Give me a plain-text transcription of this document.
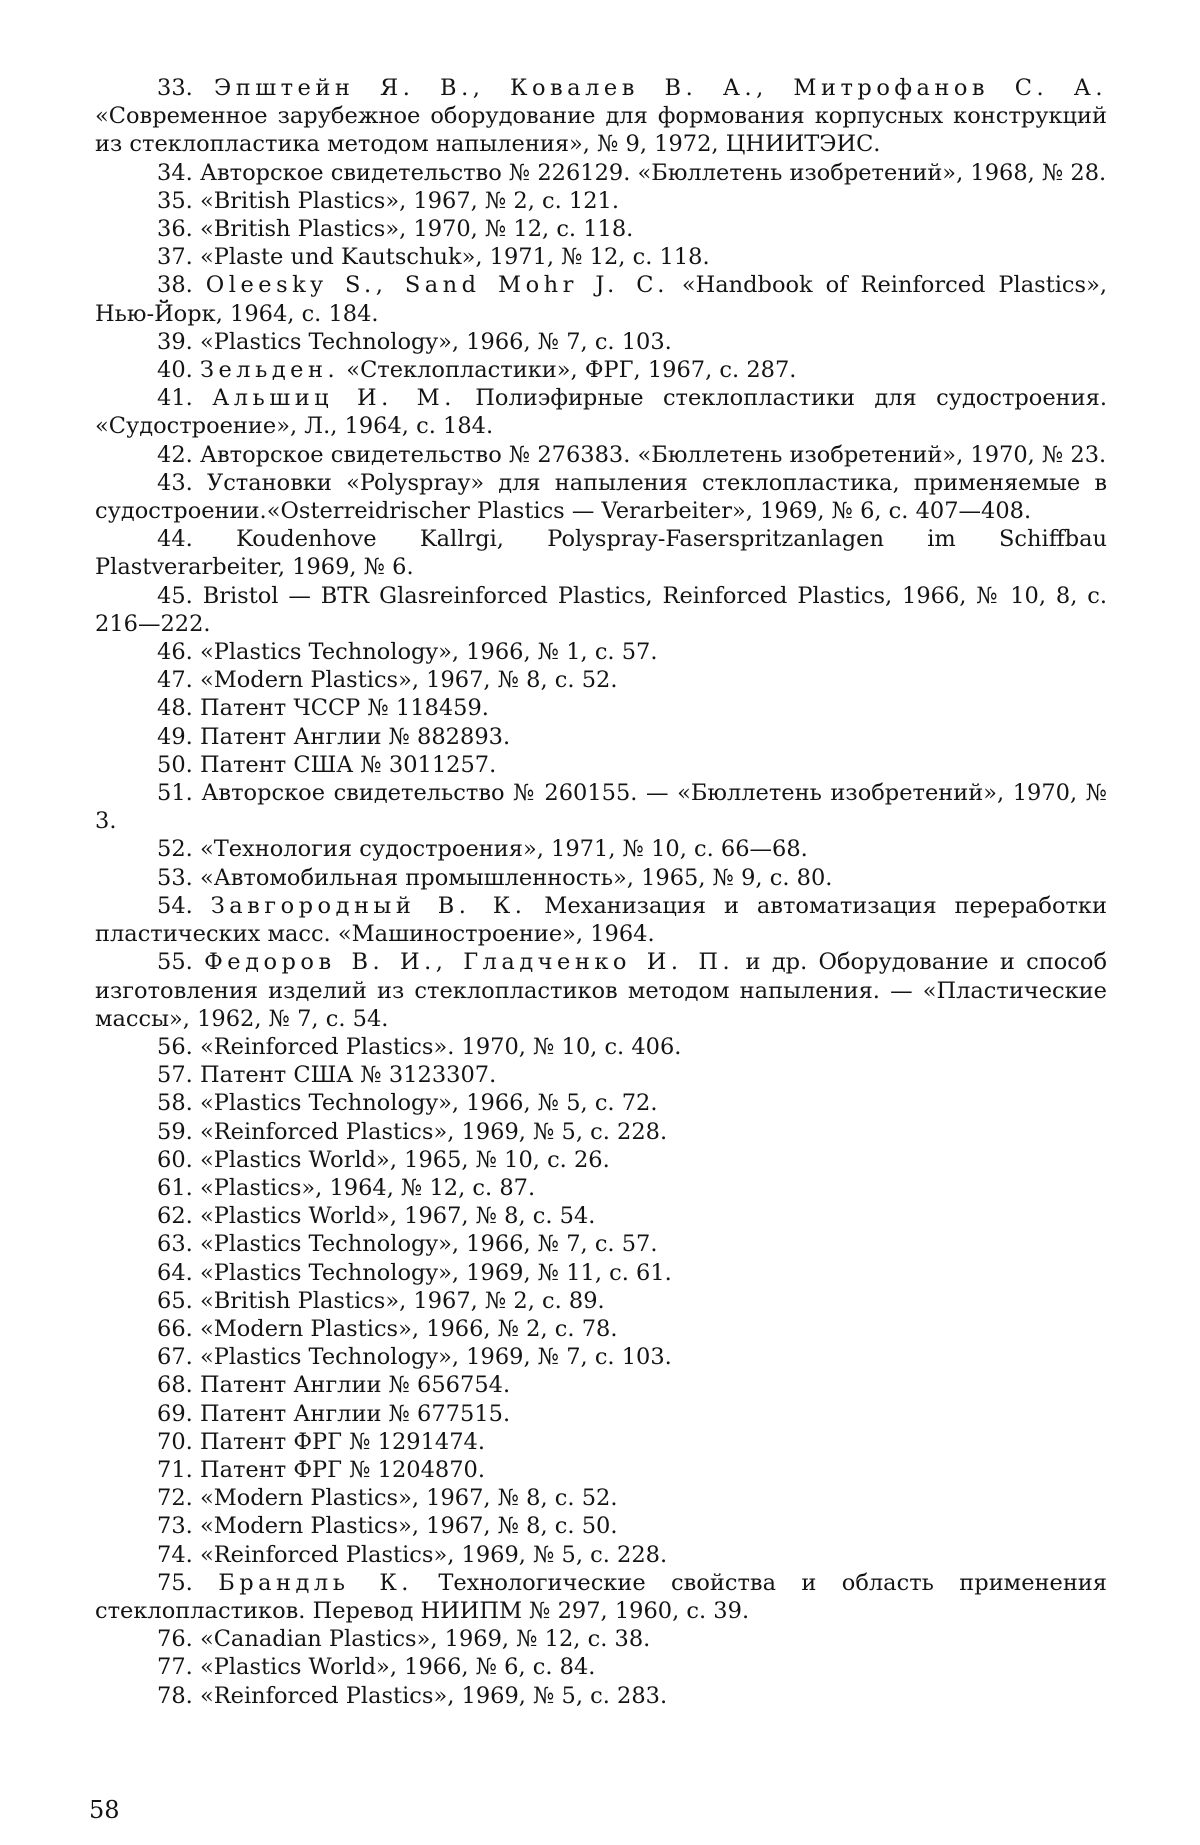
33. Эпштейн Я. В., Ковалев В. А., Митрофанов С. А. «Современное зарубежное оборудование для формования корпусных конструкций из стеклопластика методом напыления», № 9, 1972, ЦНИИТЭИС.

34. Авторское свидетельство № 226129. «Бюллетень изобретений», 1968, № 28.

35. «British Plastics», 1967, № 2, с. 121.

36. «British Plastics», 1970, № 12, с. 118.

37. «Plaste und Kautschuk», 1971, № 12, с. 118.

38. Oleesky S., Sand Mohr J. C. «Handbook of Reinforced Plastics», Нью-Йорк, 1964, с. 184.

39. «Plastics Technology», 1966, № 7, с. 103.

40. Зельден. «Стеклопластики», ФРГ, 1967, с. 287.

41. Альшиц И. М. Полиэфирные стеклопластики для судостроения. «Судостроение», Л., 1964, с. 184.

42. Авторское свидетельство № 276383. «Бюллетень изобретений», 1970, № 23.

43. Установки «Polyspray» для напыления стеклопластика, применяемые в судостроении.«Osterreidrischer Plastics — Verarbeiter», 1969, № 6, с. 407—408.

44. Koudenhove Kallrgi, Polyspray-Faserspritzanlagen im Schiffbau Plastverarbeiter, 1969, № 6.

45. Bristol — BTR Glasreinforced Plastics, Reinforced Plastics, 1966, № 10, 8, с. 216—222.

46. «Plastics Technology», 1966, № 1, с. 57.

47. «Modern Plastics», 1967, № 8, с. 52.

48. Патент ЧССР № 118459.

49. Патент Англии № 882893.

50. Патент США № 3011257.

51. Авторское свидетельство № 260155. — «Бюллетень изобретений», 1970, № 3.

52. «Технология судостроения», 1971, № 10, с. 66—68.

53. «Автомобильная промышленность», 1965, № 9, с. 80.

54. Завгородный В. К. Механизация и автоматизация переработки пластических масс. «Машиностроение», 1964.

55. Федоров В. И., Гладченко И. П. и др. Оборудование и способ изготовления изделий из стеклопластиков методом напыления. — «Пластические массы», 1962, № 7, с. 54.

56. «Reinforced Plastics». 1970, № 10, с. 406.

57. Патент США № 3123307.

58. «Plastics Technology», 1966, № 5, с. 72.

59. «Reinforced Plastics», 1969, № 5, с. 228.

60. «Plastics World», 1965, № 10, с. 26.

61. «Plastics», 1964, № 12, с. 87.

62. «Plastics World», 1967, № 8, с. 54.

63. «Plastics Technology», 1966, № 7, с. 57.

64. «Plastics Technology», 1969, № 11, с. 61.

65. «British Plastics», 1967, № 2, с. 89.

66. «Modern Plastics», 1966, № 2, с. 78.

67. «Plastics Technology», 1969, № 7, с. 103.

68. Патент Англии № 656754.

69. Патент Англии № 677515.

70. Патент ФРГ № 1291474.

71. Патент ФРГ № 1204870.

72. «Modern Plastics», 1967, № 8, с. 52.

73. «Modern Plastics», 1967, № 8, с. 50.

74. «Reinforced Plastics», 1969, № 5, с. 228.

75. Брандль К. Технологические свойства и область применения стеклопластиков. Перевод НИИПМ № 297, 1960, с. 39.

76. «Canadian Plastics», 1969, № 12, с. 38.

77. «Plastics World», 1966, № 6, с. 84.

78. «Reinforced Plastics», 1969, № 5, с. 283.

58
